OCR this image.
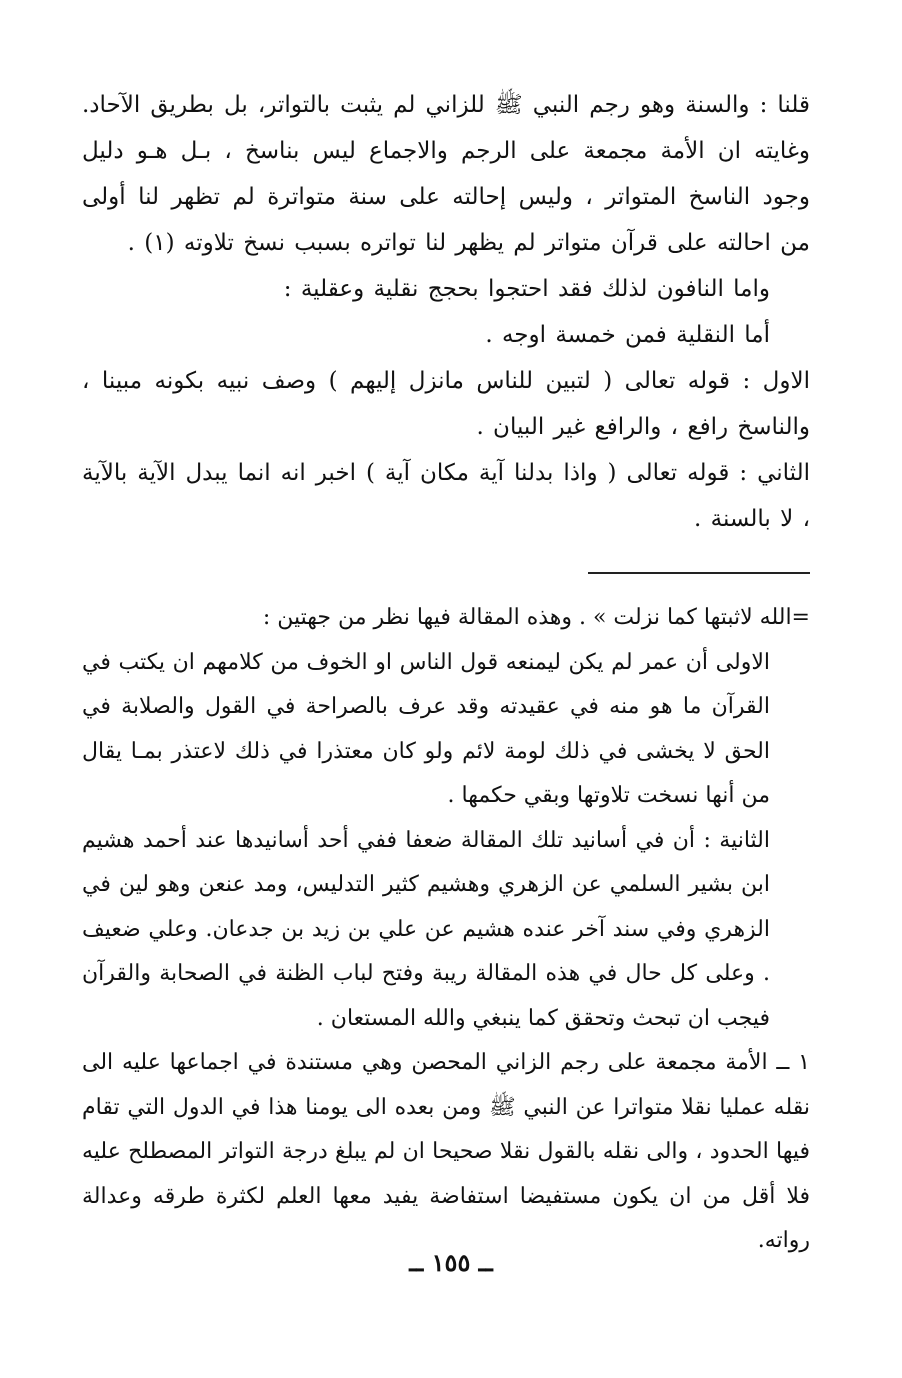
قلنا : والسنة وهو رجم النبي ﷺ للزاني لم يثبت بالتواتر، بل بطريق الآحاد. وغايته ان الأمة مجمعة على الرجم والاجماع ليس بناسخ ، بـل هـو دليل وجود الناسخ المتواتر ، وليس إحالته على سنة متواترة لم تظهر لنا أولى من احالته على قرآن متواتر لم يظهر لنا تواتره بسبب نسخ تلاوته (١) .

واما النافون لذلك فقد احتجوا بحجج نقلية وعقلية :

أما النقلية فمن خمسة اوجه .

الاول : قوله تعالى ( لتبين للناس مانزل إليهم ) وصف نبيه بكونه مبينا ، والناسخ رافع ، والرافع غير البيان .

الثاني : قوله تعالى ( واذا بدلنا آية مكان آية ) اخبر انه انما يبدل الآية بالآية ، لا بالسنة .

=الله لاثبتها كما نزلت » . وهذه المقالة فيها نظر من جهتين :

الاولى أن عمر لم يكن ليمنعه قول الناس او الخوف من كلامهم ان يكتب في القرآن ما هو منه في عقيدته وقد عرف بالصراحة في القول والصلابة في الحق لا يخشى في ذلك لومة لائم ولو كان معتذرا في ذلك لاعتذر بمـا يقال من أنها نسخت تلاوتها وبقي حكمها .

الثانية : أن في أسانيد تلك المقالة ضعفا ففي أحد أسانيدها عند أحمد هشيم ابن بشير السلمي عن الزهري وهشيم كثير التدليس، ومد عنعن وهو لين في الزهري وفي سند آخر عنده هشيم عن علي بن زيد بن جدعان. وعلي ضعيف . وعلى كل حال في هذه المقالة ريبة وفتح لباب الظنة في الصحابة والقرآن فيجب ان تبحث وتحقق كما ينبغي والله المستعان .

١ ــ الأمة مجمعة على رجم الزاني المحصن وهي مستندة في اجماعها عليه الى نقله عمليا نقلا متواترا عن النبي ﷺ ومن بعده الى يومنا هذا في الدول التي تقام فيها الحدود ، والى نقله بالقول نقلا صحيحا ان لم يبلغ درجة التواتر المصطلح عليه فلا أقل من ان يكون مستفيضا استفاضة يفيد معها العلم لكثرة طرقه وعدالة رواته.

ــ ١٥٥ ــ
